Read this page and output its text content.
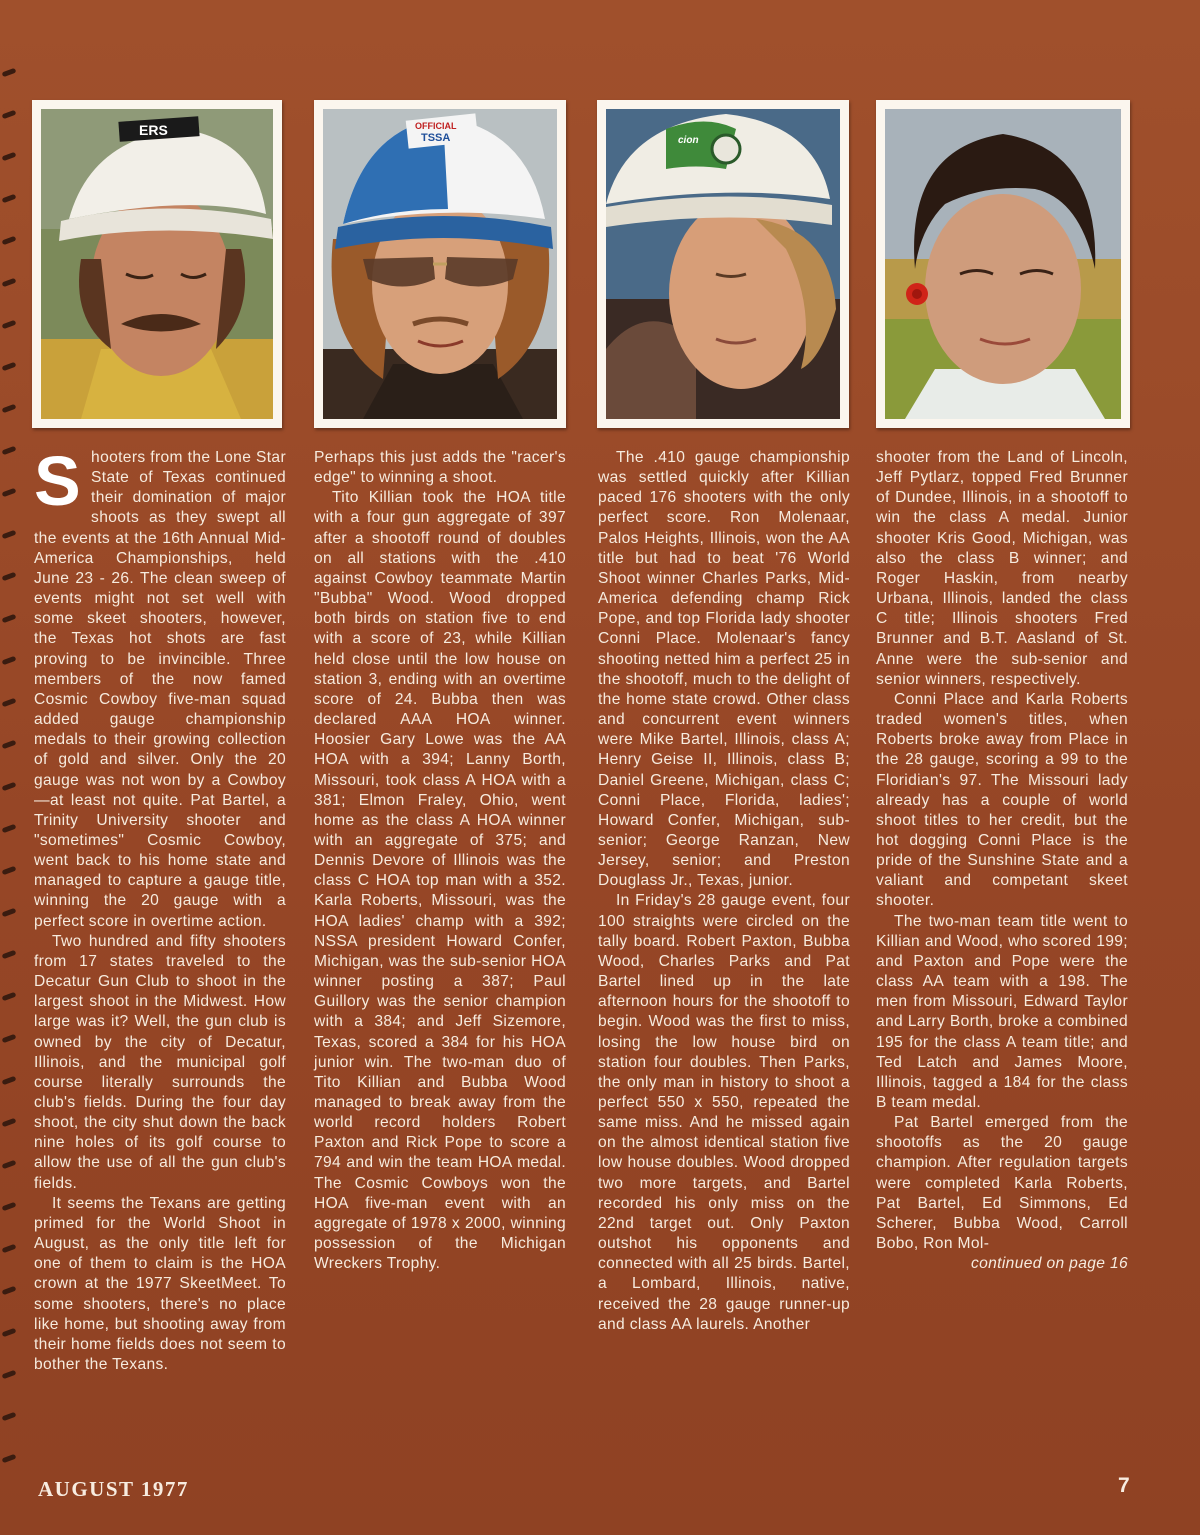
ERS	OFFICIAL
TSSA	cion

Shooters from the Lone Star State of Texas continued their domination of major shoots as they swept all the events at the 16th Annual Mid-America Championships, held June 23 - 26. The clean sweep of events might not set well with some skeet shooters, however, the Texas hot shots are fast proving to be invincible. Three members of the now famed Cosmic Cowboy five-man squad added gauge championship medals to their growing collection of gold and silver. Only the 20 gauge was not won by a Cowboy—at least not quite. Pat Bartel, a Trinity University shooter and "sometimes" Cosmic Cowboy, went back to his home state and managed to capture a gauge title, winning the 20 gauge with a perfect score in overtime action.

Two hundred and fifty shooters from 17 states traveled to the Decatur Gun Club to shoot in the largest shoot in the Midwest. How large was it? Well, the gun club is owned by the city of Decatur, Illinois, and the municipal golf course literally surrounds the club's fields. During the four day shoot, the city shut down the back nine holes of its golf course to allow the use of all the gun club's fields.

It seems the Texans are getting primed for the World Shoot in August, as the only title left for one of them to claim is the HOA crown at the 1977 SkeetMeet. To some shooters, there's no place like home, but shooting away from their home fields does not seem to bother the Texans.

Perhaps this just adds the "racer's edge" to winning a shoot.

Tito Killian took the HOA title with a four gun aggregate of 397 after a shootoff round of doubles on all stations with the .410 against Cowboy teammate Martin "Bubba" Wood. Wood dropped both birds on station five to end with a score of 23, while Killian held close until the low house on station 3, ending with an overtime score of 24. Bubba then was declared AAA HOA winner. Hoosier Gary Lowe was the AA HOA with a 394; Lanny Borth, Missouri, took class A HOA with a 381; Elmon Fraley, Ohio, went home as the class A HOA winner with an aggregate of 375; and Dennis Devore of Illinois was the class C HOA top man with a 352. Karla Roberts, Missouri, was the HOA ladies' champ with a 392; NSSA president Howard Confer, Michigan, was the sub-senior HOA winner posting a 387; Paul Guillory was the senior champion with a 384; and Jeff Sizemore, Texas, scored a 384 for his HOA junior win. The two-man duo of Tito Killian and Bubba Wood managed to break away from the world record holders Robert Paxton and Rick Pope to score a 794 and win the team HOA medal. The Cosmic Cowboys won the HOA five-man event with an aggregate of 1978 x 2000, winning possession of the Michigan Wreckers Trophy.

The .410 gauge championship was settled quickly after Killian paced 176 shooters with the only perfect score. Ron Molenaar, Palos Heights, Illinois, won the AA title but had to beat '76 World Shoot winner Charles Parks, Mid-America defending champ Rick Pope, and top Florida lady shooter Conni Place. Molenaar's fancy shooting netted him a perfect 25 in the shootoff, much to the delight of the home state crowd. Other class and concurrent event winners were Mike Bartel, Illinois, class A; Henry Geise II, Illinois, class B; Daniel Greene, Michigan, class C; Conni Place, Florida, ladies'; Howard Confer, Michigan, sub-senior; George Ranzan, New Jersey, senior; and Preston Douglass Jr., Texas, junior.

In Friday's 28 gauge event, four 100 straights were circled on the tally board. Robert Paxton, Bubba Wood, Charles Parks and Pat Bartel lined up in the late afternoon hours for the shootoff to begin. Wood was the first to miss, losing the low house bird on station four doubles. Then Parks, the only man in history to shoot a perfect 550 x 550, repeated the same miss. And he missed again on the almost identical station five low house doubles. Wood dropped two more targets, and Bartel recorded his only miss on the 22nd target out. Only Paxton outshot his opponents and connected with all 25 birds. Bartel, a Lombard, Illinois, native, received the 28 gauge runner-up and class AA laurels. Another

shooter from the Land of Lincoln, Jeff Pytlarz, topped Fred Brunner of Dundee, Illinois, in a shootoff to win the class A medal. Junior shooter Kris Good, Michigan, was also the class B winner; and Roger Haskin, from nearby Urbana, Illinois, landed the class C title; Illinois shooters Fred Brunner and B.T. Aasland of St. Anne were the sub-senior and senior winners, respectively.

Conni Place and Karla Roberts traded women's titles, when Roberts broke away from Place in the 28 gauge, scoring a 99 to the Floridian's 97. The Missouri lady already has a couple of world shoot titles to her credit, but the hot dogging Conni Place is the pride of the Sunshine State and a valiant and competant skeet shooter.

The two-man team title went to Killian and Wood, who scored 199; and Paxton and Pope were the class AA team with a 198. The men from Missouri, Edward Taylor and Larry Borth, broke a combined 195 for the class A team title; and Ted Latch and James Moore, Illinois, tagged a 184 for the class B team medal.

Pat Bartel emerged from the shootoffs as the 20 gauge champion. After regulation targets were completed Karla Roberts, Pat Bartel, Ed Simmons, Ed Scherer, Bubba Wood, Carroll Bobo, Ron Mol-

continued on page 16

AUGUST 1977	7
